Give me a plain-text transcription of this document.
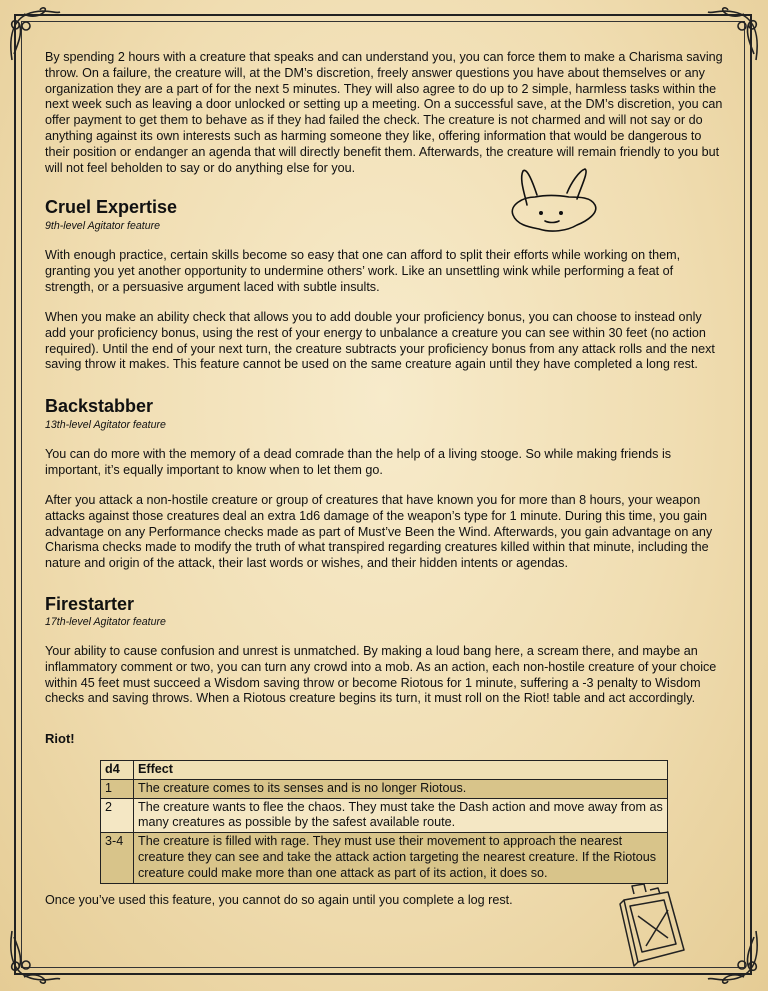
By spending 2 hours with a creature that speaks and can understand you, you can force them to make a Charisma saving throw. On a failure, the creature will, at the DM’s discretion, freely answer questions you have about themselves or any organization they are a part of for the next 5 minutes. They will also agree to do up to 2 simple, harmless tasks within the next week such as leaving a door unlocked or setting up a meeting. On a successful save, at the DM’s discretion, you can offer payment to get them to behave as if they had failed the check. The creature is not charmed and will not say or do anything against its own interests such as harming someone they like, offering information that would be dangerous to their position or endanger an agenda that will directly benefit them. Afterwards, the creature will remain friendly to you but will not feel beholden to say or do anything else for you.

Cruel Expertise
9th-level Agitator feature

With enough practice, certain skills become so easy that one can afford to split their efforts while working on them, granting you yet another opportunity to undermine others’ work. Like an unsettling wink while performing a feat of strength, or a persuasive argument laced with subtle insults.

When you make an ability check that allows you to add double your proficiency bonus, you can choose to instead only add your proficiency bonus, using the rest of your energy to unbalance a creature you can see within 30 feet (no action required). Until the end of your next turn, the creature subtracts your proficiency bonus from any attack rolls and the next saving throw it makes. This feature cannot be used on the same creature again until they have completed a long rest.

Backstabber
13th-level Agitator feature

You can do more with the memory of a dead comrade than the help of a living stooge. So while making friends is important, it’s equally important to know when to let them go.

After you attack a non-hostile creature or group of creatures that have known you for more than 8 hours, your weapon attacks against those creatures deal an extra 1d6 damage of the weapon’s type for 1 minute. During this time, you gain advantage on any Performance checks made as part of Must’ve Been the Wind. Afterwards, you gain advantage on any Charisma checks made to modify the truth of what transpired regarding creatures killed within that minute, including the nature and origin of the attack, their last words or wishes, and their hidden intents or agendas.

Firestarter
17th-level Agitator feature

Your ability to cause confusion and unrest is unmatched. By making a loud bang here, a scream there, and maybe an inflammatory comment or two, you can turn any crowd into a mob. As an action, each non-hostile creature of your choice within 45 feet must succeed a Wisdom saving throw or become Riotous for 1 minute, suffering a -3 penalty to Wisdom checks and saving throws. When a Riotous creature begins its turn, it must roll on the Riot! table and act accordingly.

Riot!
d4	Effect
1	The creature comes to its senses and is no longer Riotous.
2	The creature wants to flee the chaos. They must take the Dash action and move away from as many creatures as possible by the safest available route.
3-4	The creature is filled with rage. They must use their movement to approach the nearest creature they can see and take the attack action targeting the nearest creature. If the Riotous creature could make more than one attack as part of its action, it does so.

Once you’ve used this feature, you cannot do so again until you complete a log rest.
